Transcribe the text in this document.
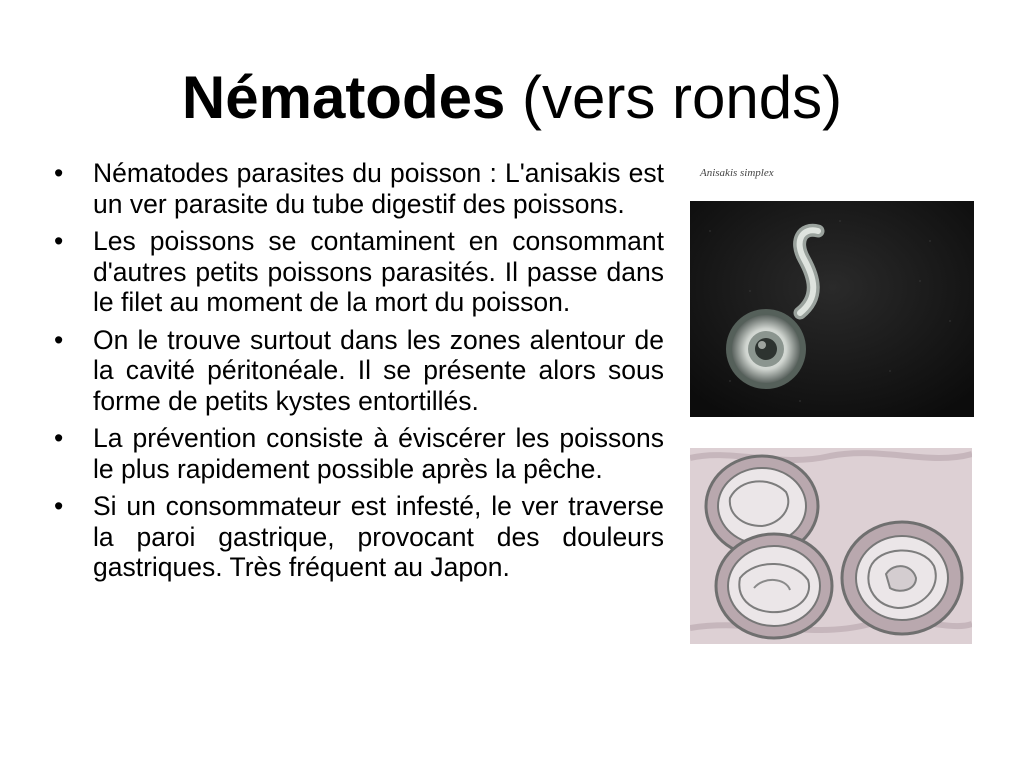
Nématodes (vers ronds)
• Nématodes parasites du poisson : L'anisakis est un ver parasite du tube digestif des poissons.
• Les poissons se contaminent en consommant d'autres petits poissons parasités. Il passe dans le filet au moment de la mort du poisson.
• On le trouve surtout dans les zones alentour de la cavité péritonéale. Il se présente alors sous forme de petits kystes entortillés.
• La prévention consiste à éviscérer les poissons le plus rapidement possible après la pêche.
• Si un consommateur est infesté, le ver traverse la paroi gastrique, provocant des douleurs gastriques. Très fréquent au Japon.
Anisakis simplex
